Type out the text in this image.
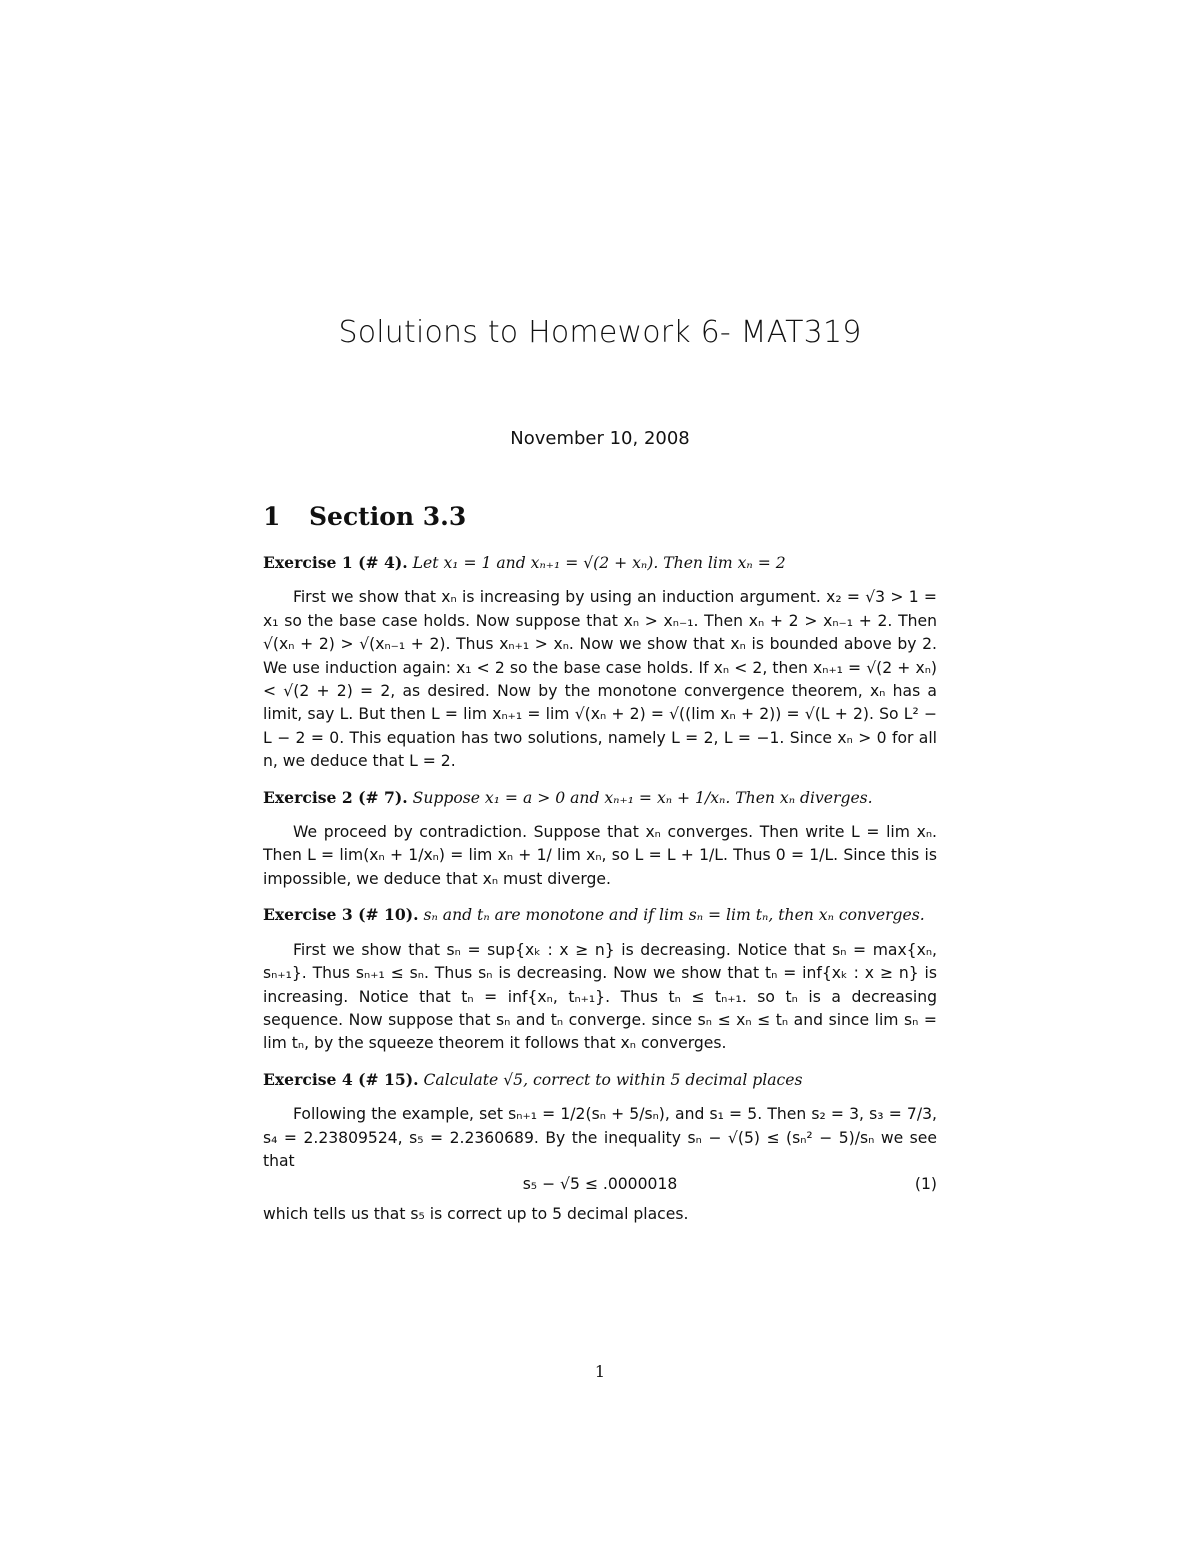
Solutions to Homework 6- MAT319
November 10, 2008
1 Section 3.3

Exercise 1 (# 4). Let x₁ = 1 and xₙ₊₁ = √(2 + xₙ). Then lim xₙ = 2

First we show that xₙ is increasing by using an induction argument. x₂ = √3 > 1 = x₁ so the base case holds. Now suppose that xₙ > xₙ₋₁. Then xₙ + 2 > xₙ₋₁ + 2. Then √(xₙ + 2) > √(xₙ₋₁ + 2). Thus xₙ₊₁ > xₙ. Now we show that xₙ is bounded above by 2. We use induction again: x₁ < 2 so the base case holds. If xₙ < 2, then xₙ₊₁ = √(2 + xₙ) < √(2 + 2) = 2, as desired. Now by the monotone convergence theorem, xₙ has a limit, say L. But then L = lim xₙ₊₁ = lim √(xₙ + 2) = √((lim xₙ + 2)) = √(L + 2). So L² − L − 2 = 0. This equation has two solutions, namely L = 2, L = −1. Since xₙ > 0 for all n, we deduce that L = 2.

Exercise 2 (# 7). Suppose x₁ = a > 0 and xₙ₊₁ = xₙ + 1/xₙ. Then xₙ diverges.

We proceed by contradiction. Suppose that xₙ converges. Then write L = lim xₙ. Then L = lim(xₙ + 1/xₙ) = lim xₙ + 1/ lim xₙ, so L = L + 1/L. Thus 0 = 1/L. Since this is impossible, we deduce that xₙ must diverge.

Exercise 3 (# 10). sₙ and tₙ are monotone and if lim sₙ = lim tₙ, then xₙ converges.

First we show that sₙ = sup{xₖ : x ≥ n} is decreasing. Notice that sₙ = max{xₙ, sₙ₊₁}. Thus sₙ₊₁ ≤ sₙ. Thus sₙ is decreasing. Now we show that tₙ = inf{xₖ : x ≥ n} is increasing. Notice that tₙ = inf{xₙ, tₙ₊₁}. Thus tₙ ≤ tₙ₊₁. so tₙ is a decreasing sequence. Now suppose that sₙ and tₙ converge. since sₙ ≤ xₙ ≤ tₙ and since lim sₙ = lim tₙ, by the squeeze theorem it follows that xₙ converges.

Exercise 4 (# 15). Calculate √5, correct to within 5 decimal places

Following the example, set sₙ₊₁ = 1/2(sₙ + 5/sₙ), and s₁ = 5. Then s₂ = 3, s₃ = 7/3, s₄ = 2.23809524, s₅ = 2.2360689. By the inequality sₙ − √(5) ≤ (sₙ² − 5)/sₙ we see that

s₅ − √5 ≤ .0000018	(1)

which tells us that s₅ is correct up to 5 decimal places.

1
